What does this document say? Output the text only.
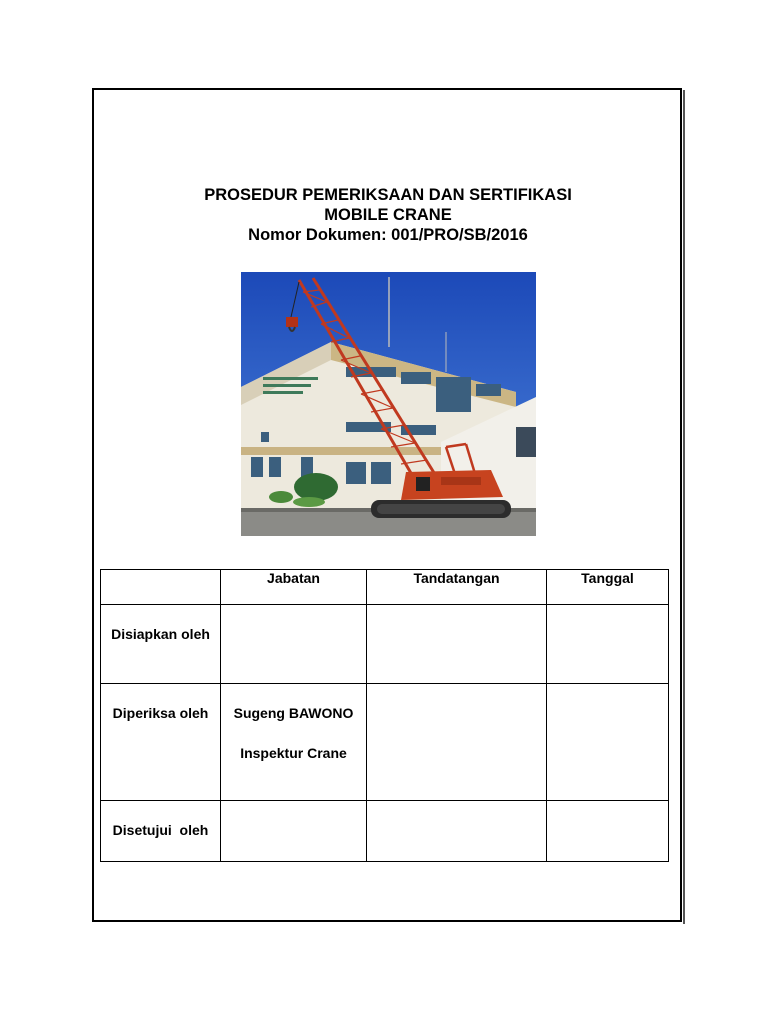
PROSEDUR PEMERIKSAAN DAN SERTIFIKASI
MOBILE CRANE
Nomor Dokumen: 001/PRO/SB/2016
	Jabatan	Tandatangan	Tanggal
Disiapkan oleh			
Diperiksa oleh	Sugeng BAWONO
Inspektur Crane		

Disetujui  oleh			
